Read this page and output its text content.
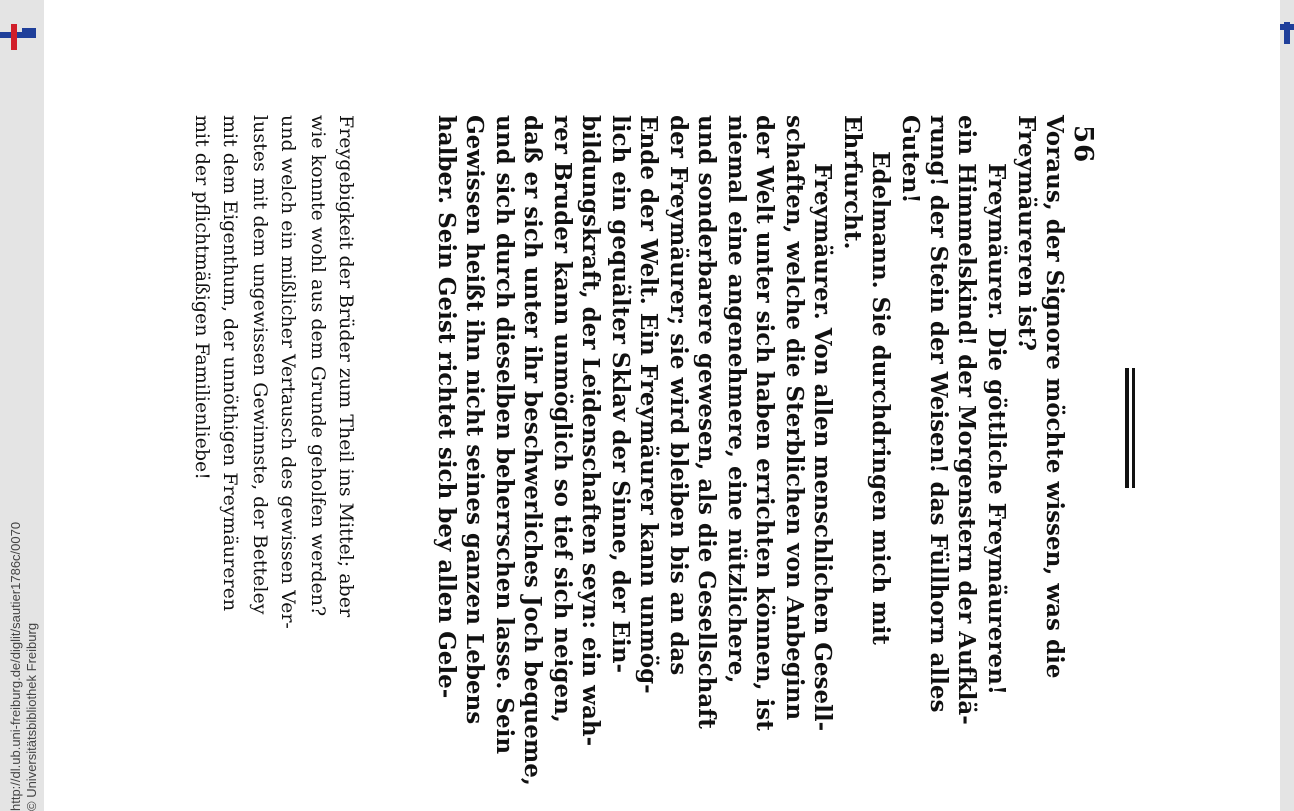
http://dl.ub.uni-freiburg.de/diglit/sautier1786c/0070 © Universitätsbibliothek Freiburg
56
Voraus, der Signore möchte wissen, was die
Freymäureren ist?
Freymäurer. Die göttliche Freymäureren!
ein Himmelskind! der Morgenstern der Aufklä-
rung! der Stein der Weisen! das Füllhorn alles
Guten!
Edelmann. Sie durchdringen mich mit
Ehrfurcht.
Freymäurer. Von allen menschlichen Gesell-
schaften, welche die Sterblichen von Anbeginn
der Welt unter sich haben errichten können, ist
niemal eine angenehmere, eine nützlichere,
und sonderbarere gewesen, als die Gesellschaft
der Freymäurer; sie wird bleiben bis an das
Ende der Welt. Ein Freymäurer kann unmög-
lich ein gequälter Sklav der Sinne, der Ein-
bildungskraft, der Leidenschaften seyn: ein wah-
rer Bruder kann unmöglich so tief sich neigen,
daß er sich unter ihr beschwerliches Joch bequeme,
und sich durch dieselben beherrschen lasse. Sein
Gewissen heißt ihn nicht seines ganzen Lebens
halber. Sein Geist richtet sich bey allen Gele-
Freygebigkeit der Brüder zum Theil ins Mittel; aber
wie konnte wohl aus dem Grunde geholfen werden?
und welch ein mißlicher Vertausch des gewissen Ver-
lustes mit dem ungewissen Gewinnste, der Betteley
mit dem Eigenthum, der unnöthigen Freymäureren
mit der pflichtmäßigen Familienliebe!
